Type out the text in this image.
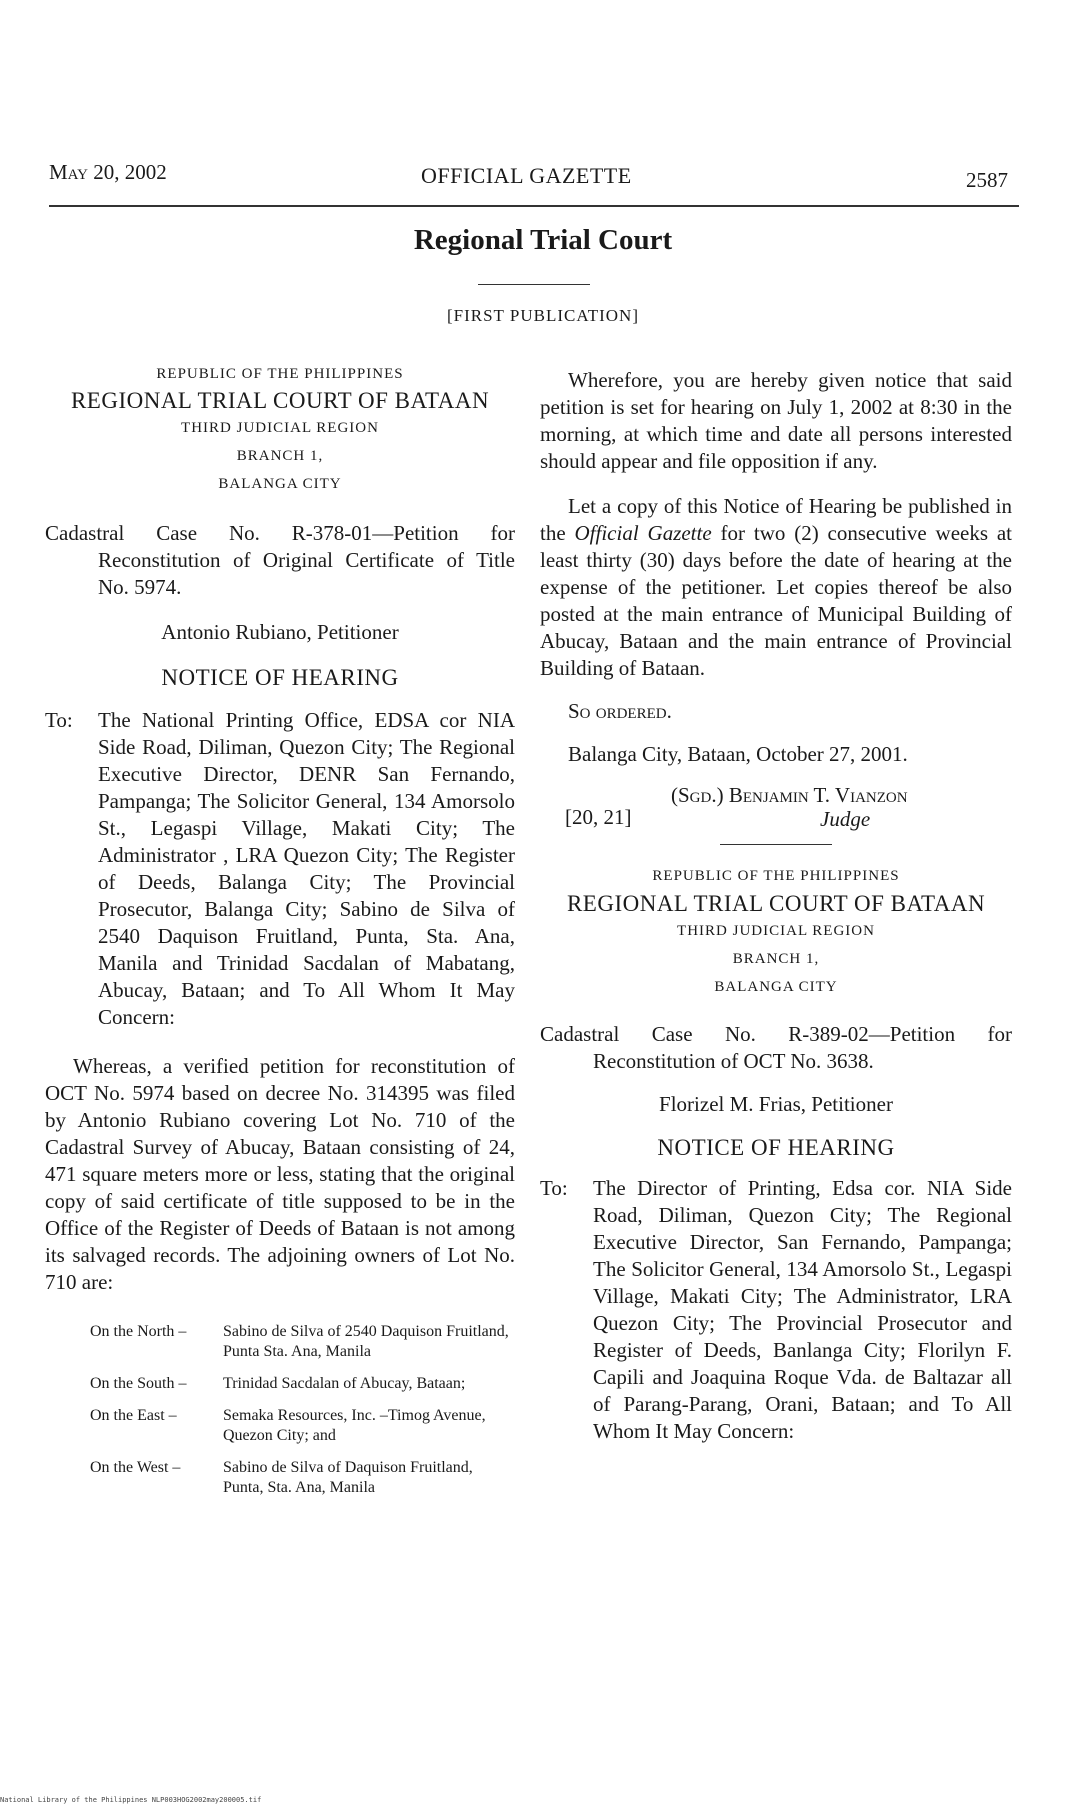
May 20, 2002	OFFICIAL GAZETTE	2587
Regional Trial Court
[FIRST PUBLICATION]
REPUBLIC OF THE PHILIPPINES
REGIONAL TRIAL COURT OF BATAAN
THIRD JUDICIAL REGION
BRANCH 1,
BALANGA CITY
Cadastral Case No. R-378-01—Petition for Reconstitution of Original Certificate of Title No. 5974.
Antonio Rubiano, Petitioner
NOTICE OF HEARING
To:	The National Printing Office, EDSA cor NIA Side Road, Diliman, Quezon City; The Regional Executive Director, DENR San Fernando, Pampanga; The Solicitor General, 134 Amorsolo St., Legaspi Village, Makati City; The Administrator , LRA Quezon City; The Register of Deeds, Balanga City; The Provincial Prosecutor, Balanga City; Sabino de Silva of 2540 Daquison Fruitland, Punta, Sta. Ana, Manila and Trinidad Sacdalan of Mabatang, Abucay, Bataan; and To All Whom It May Concern:
Whereas, a verified petition for reconstitution of OCT No. 5974 based on decree No. 314395 was filed by Antonio Rubiano covering Lot No. 710 of the Cadastral Survey of Abucay, Bataan consisting of 24, 471 square meters more or less, stating that the original copy of said certificate of title supposed to be in the Office of the Register of Deeds of Bataan is not among its salvaged records. The adjoining owners of Lot No. 710 are:
On the North –	Sabino de Silva of 2540 Daquison Fruitland, Punta Sta. Ana, Manila
On the South –	Trinidad Sacdalan of Abucay, Bataan;
On the East –	Semaka Resources, Inc. –Timog Avenue, Quezon City; and
On the West –	Sabino de Silva of Daquison Fruitland, Punta, Sta. Ana, Manila
Wherefore, you are hereby given notice that said petition is set for hearing on July 1, 2002 at 8:30 in the morning, at which time and date all persons interested should appear and file opposition if any.
Let a copy of this Notice of Hearing be published in the Official Gazette for two (2) consecutive weeks at least thirty (30) days before the date of hearing at the expense of the petitioner. Let copies thereof be also posted at the main entrance of Municipal Building of Abucay, Bataan and the main entrance of Provincial Building of Bataan.
So ordered.
Balanga City, Bataan, October 27, 2001.
(Sgd.) Benjamin T. Vianzon
[20, 21]	Judge
REPUBLIC OF THE PHILIPPINES
REGIONAL TRIAL COURT OF BATAAN
THIRD JUDICIAL REGION
BRANCH 1,
BALANGA CITY
Cadastral Case No. R-389-02—Petition for Reconstitution of OCT No. 3638.
Florizel M. Frias, Petitioner
NOTICE OF HEARING
To:	The Director of Printing, Edsa cor. NIA Side Road, Diliman, Quezon City; The Regional Executive Director, San Fernando, Pampanga; The Solicitor General, 134 Amorsolo St., Legaspi Village, Makati City; The Administrator, LRA Quezon City; The Provincial Prosecutor and Register of Deeds, Banlanga City; Florilyn F. Capili and Joaquina Roque Vda. de Baltazar all of Parang-Parang, Orani, Bataan; and To All Whom It May Concern:
National Library of the Philippines NLP003HOG2002may200005.tif
